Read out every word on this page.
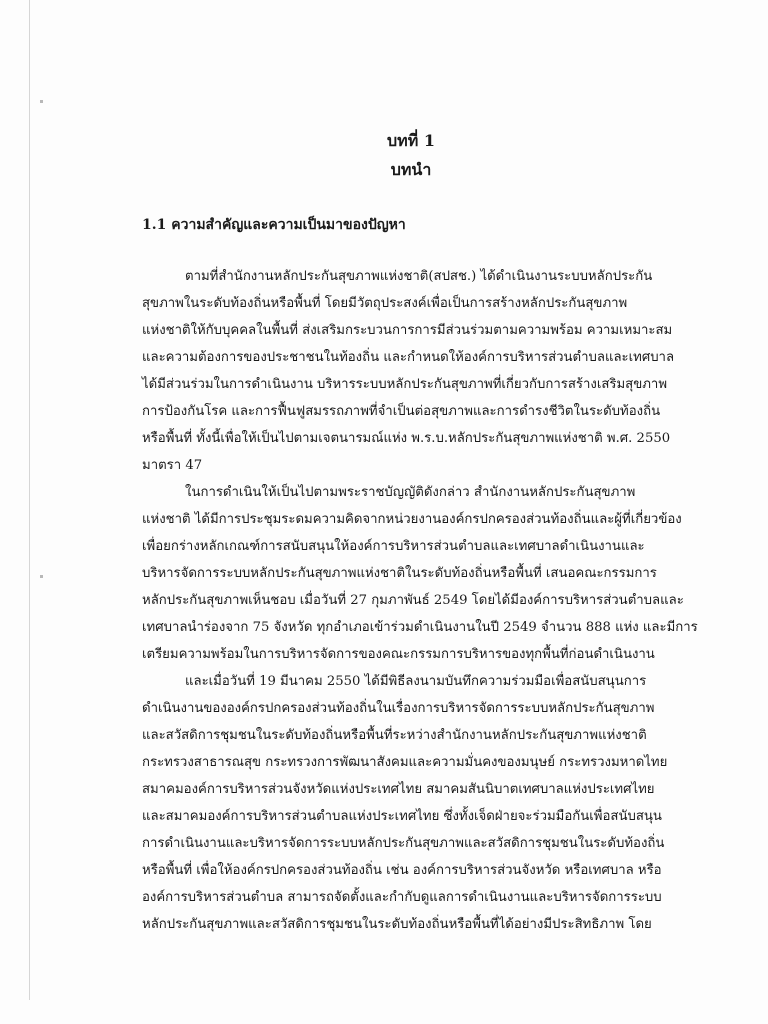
บทที่ 1
บทนำ
1.1 ความสำคัญและความเป็นมาของปัญหา

ตามที่สำนักงานหลักประกันสุขภาพแห่งชาติ(สปสช.) ได้ดำเนินงานระบบหลักประกัน

สุขภาพในระดับท้องถิ่นหรือพื้นที่ โดยมีวัตถุประสงค์เพื่อเป็นการสร้างหลักประกันสุขภาพ

แห่งชาติให้กับบุคคลในพื้นที่ ส่งเสริมกระบวนการการมีส่วนร่วมตามความพร้อม ความเหมาะสม

และความต้องการของประชาชนในท้องถิ่น และกำหนดให้องค์การบริหารส่วนตำบลและเทศบาล

ได้มีส่วนร่วมในการดำเนินงาน บริหารระบบหลักประกันสุขภาพที่เกี่ยวกับการสร้างเสริมสุขภาพ

การป้องกันโรค และการฟื้นฟูสมรรถภาพที่จำเป็นต่อสุขภาพและการดำรงชีวิตในระดับท้องถิ่น

หรือพื้นที่ ทั้งนี้เพื่อให้เป็นไปตามเจตนารมณ์แห่ง พ.ร.บ.หลักประกันสุขภาพแห่งชาติ พ.ศ. 2550

มาตรา 47

ในการดำเนินให้เป็นไปตามพระราชบัญญัติดังกล่าว สำนักงานหลักประกันสุขภาพ

แห่งชาติ ได้มีการประชุมระดมความคิดจากหน่วยงานองค์กรปกครองส่วนท้องถิ่นและผู้ที่เกี่ยวข้อง

เพื่อยกร่างหลักเกณฑ์การสนับสนุนให้องค์การบริหารส่วนตำบลและเทศบาลดำเนินงานและ

บริหารจัดการระบบหลักประกันสุขภาพแห่งชาติในระดับท้องถิ่นหรือพื้นที่ เสนอคณะกรรมการ

หลักประกันสุขภาพเห็นชอบ เมื่อวันที่ 27 กุมภาพันธ์ 2549 โดยได้มีองค์การบริหารส่วนตำบลและ

เทศบาลนำร่องจาก 75 จังหวัด ทุกอำเภอเข้าร่วมดำเนินงานในปี 2549 จำนวน 888 แห่ง และมีการ

เตรียมความพร้อมในการบริหารจัดการของคณะกรรมการบริหารของทุกพื้นที่ก่อนดำเนินงาน

และเมื่อวันที่ 19 มีนาคม 2550 ได้มีพิธีลงนามบันทึกความร่วมมือเพื่อสนับสนุนการ

ดำเนินงานขององค์กรปกครองส่วนท้องถิ่นในเรื่องการบริหารจัดการระบบหลักประกันสุขภาพ

และสวัสดิการชุมชนในระดับท้องถิ่นหรือพื้นที่ระหว่างสำนักงานหลักประกันสุขภาพแห่งชาติ

กระทรวงสาธารณสุข กระทรวงการพัฒนาสังคมและความมั่นคงของมนุษย์ กระทรวงมหาดไทย

สมาคมองค์การบริหารส่วนจังหวัดแห่งประเทศไทย สมาคมสันนิบาตเทศบาลแห่งประเทศไทย

และสมาคมองค์การบริหารส่วนตำบลแห่งประเทศไทย ซึ่งทั้งเจ็ดฝ่ายจะร่วมมือกันเพื่อสนับสนุน

การดำเนินงานและบริหารจัดการระบบหลักประกันสุขภาพและสวัสดิการชุมชนในระดับท้องถิ่น

หรือพื้นที่ เพื่อให้องค์กรปกครองส่วนท้องถิ่น เช่น องค์การบริหารส่วนจังหวัด หรือเทศบาล หรือ

องค์การบริหารส่วนตำบล สามารถจัดตั้งและกำกับดูแลการดำเนินงานและบริหารจัดการระบบ

หลักประกันสุขภาพและสวัสดิการชุมชนในระดับท้องถิ่นหรือพื้นที่ได้อย่างมีประสิทธิภาพ โดย
